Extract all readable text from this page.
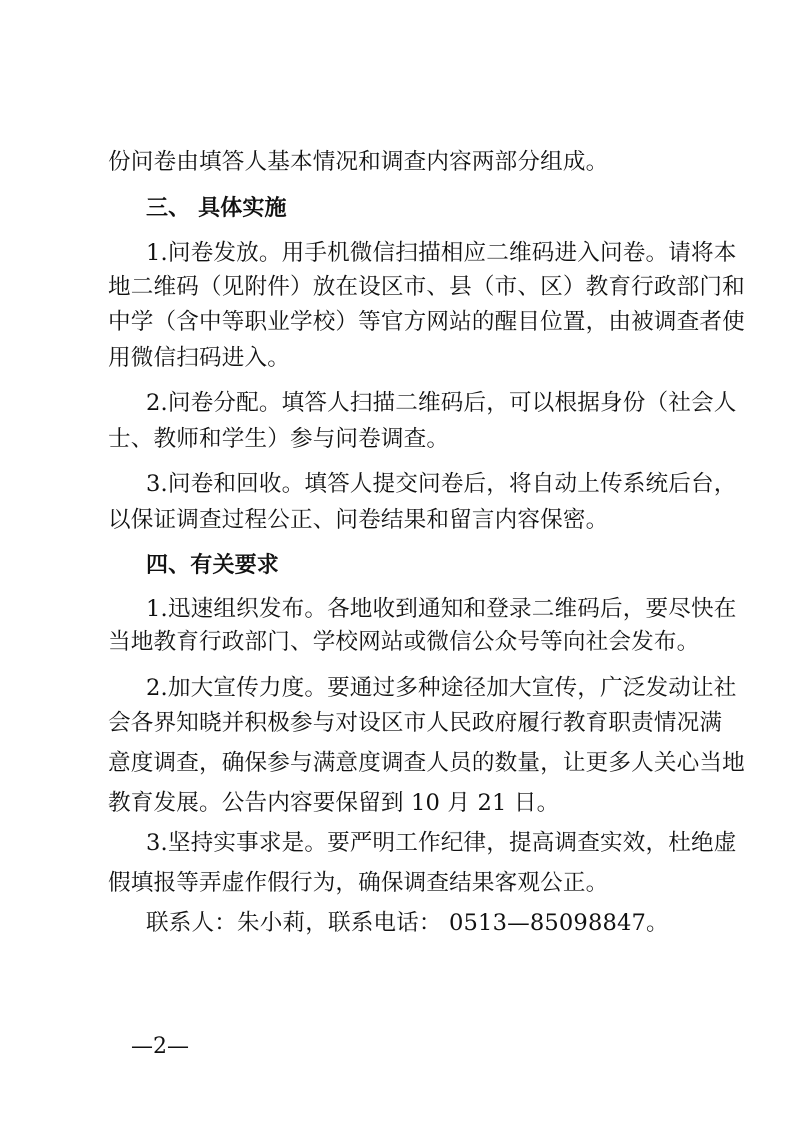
份问卷由填答人基本情况和调查内容两部分组成。
三、 具体实施
1.问卷发放。用手机微信扫描相应二维码进入问卷。请将本
地二维码（见附件）放在设区市、县（市、区）教育行政部门和
中学（含中等职业学校）等官方网站的醒目位置，由被调查者使
用微信扫码进入。
2.问卷分配。填答人扫描二维码后，可以根据身份（社会人
士、教师和学生）参与问卷调查。
3.问卷和回收。填答人提交问卷后，将自动上传系统后台，
以保证调查过程公正、问卷结果和留言内容保密。
四、有关要求
1.迅速组织发布。各地收到通知和登录二维码后，要尽快在
当地教育行政部门、学校网站或微信公众号等向社会发布。
2.加大宣传力度。要通过多种途径加大宣传，广泛发动让社
会各界知晓并积极参与对设区市人民政府履行教育职责情况满
意度调查，确保参与满意度调查人员的数量，让更多人关心当地
教育发展。公告内容要保留到 10 月 21 日。
3.坚持实事求是。要严明工作纪律，提高调查实效，杜绝虚
假填报等弄虚作假行为，确保调查结果客观公正。
联系人：朱小莉，联系电话： 0513—85098847。
—2—
